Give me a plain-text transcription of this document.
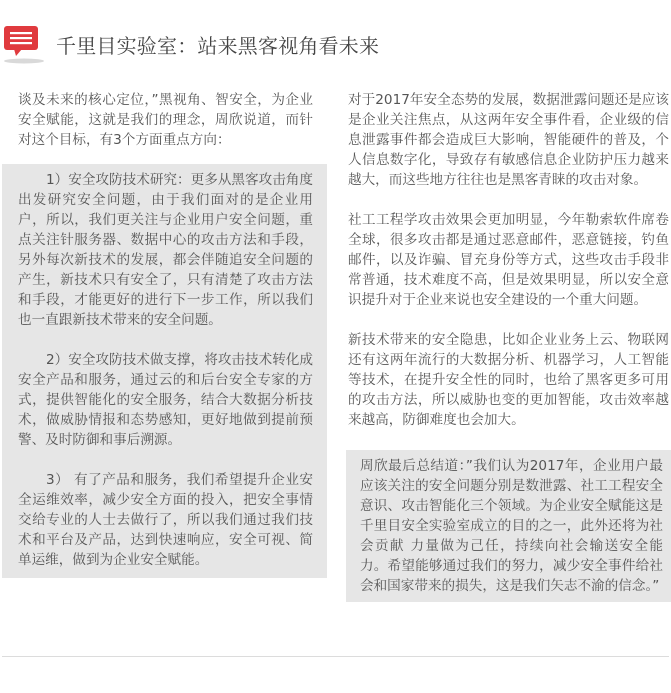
千里目实验室：站来黑客视角看未来

谈及未来的核心定位，”黑视角、智安全，为企业安全赋能，这就是我们的理念，周欣说道，而针对这个目标，有3个方面重点方向：

1）安全攻防技术研究：更多从黑客攻击角度出发研究安全问题，由于我们面对的是企业用户，所以，我们更关注与企业用户安全问题，重点关注针服务器、数据中心的攻击方法和手段，另外每次新技术的发展，都会伴随追安全问题的产生，新技术只有安全了，只有清楚了攻击方法和手段，才能更好的进行下一步工作，所以我们也一直跟新技术带来的安全问题。

2）安全攻防技术做支撑，将攻击技术转化成安全产品和服务，通过云的和后台安全专家的方式，提供智能化的安全服务，结合大数据分析技术，做威胁情报和态势感知，更好地做到提前预警、及时防御和事后溯源。

3） 有了产品和服务，我们希望提升企业安全运维效率，减少安全方面的投入，把安全事情交给专业的人士去做行了，所以我们通过我们技术和平台及产品，达到快速响应，安全可视、简单运维，做到为企业安全赋能。

对于2017年安全态势的发展，数据泄露问题还是应该是企业关注焦点，从这两年安全事件看，企业级的信息泄露事件都会造成巨大影响，智能硬件的普及，个人信息数字化，导致存有敏感信息企业防护压力越来越大，而这些地方往往也是黑客青睐的攻击对象。

社工工程学攻击效果会更加明显，今年勒索软件席卷全球，很多攻击都是通过恶意邮件，恶意链接，钓鱼邮件，以及诈骗、冒充身份等方式，这些攻击手段非常普通，技术难度不高，但是效果明显，所以安全意识提升对于企业来说也安全建设的一个重大问题。

新技术带来的安全隐患，比如企业业务上云、物联网还有这两年流行的大数据分析、机器学习，人工智能等技术，在提升安全性的同时，也给了黑客更多可用的攻击方法，所以威胁也变的更加智能，攻击效率越来越高，防御难度也会加大。

周欣最后总结道：”我们认为2017年，企业用户最应该关注的安全问题分别是数泄露、社工工程安全意识、攻击智能化三个领域。为企业安全赋能这是千里目安全实验室成立的目的之一，此外还将为社会贡献 力量做为己任，持续向社会输送安全能力。希望能够通过我们的努力，减少安全事件给社会和国家带来的损失，这是我们矢志不渝的信念。”
